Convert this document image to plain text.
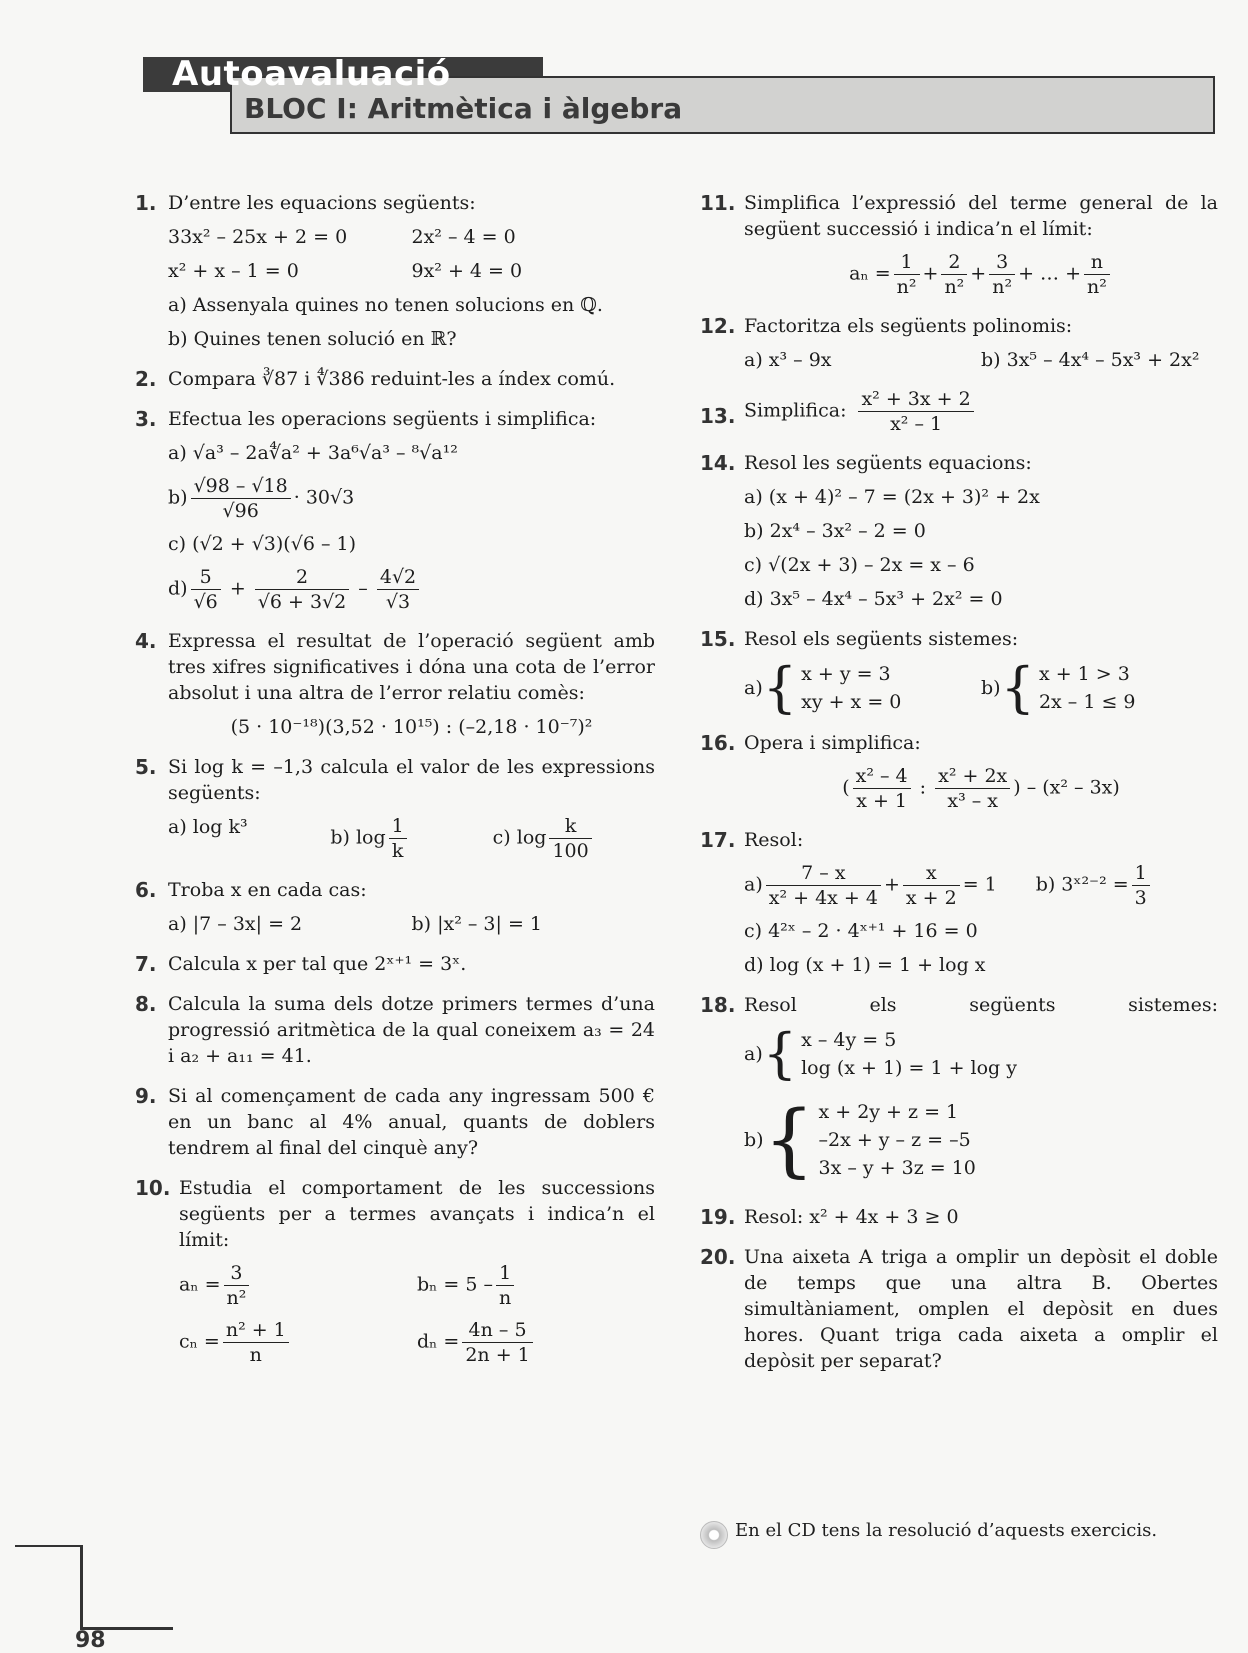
Autoavaluació
BLOC I: Aritmètica i àlgebra
1. D’entre les equacions següents:
33x² – 25x + 2 = 0	2x² – 4 = 0
x² + x – 1 = 0	9x² + 4 = 0
a) Assenyala quines no tenen solucions en ℚ.
b) Quines tenen solució en ℝ?
2. Compara ∛87 i ∜386 reduint-les a índex comú.
3. Efectua les operacions següents i simplifica:
a) √a³ – 2a∜a² + 3a⁶√a³ – ⁸√a¹²
$b) \frac{√98 - √18}{√96} \cdot 30√3$
c) (√2 + √3)(√6 – 1)
$d) \frac{5}{√6} + \frac{2}{√6 + 3√2} - \frac{4√2}{√3}$
4. Expressa el resultat de l’operació següent amb tres xifres significatives i dóna una cota de l’error absolut i una altra de l’error relatiu comès:
(5 · 10⁻¹⁸)(3,52 · 10¹⁵) : (–2,18 · 10⁻⁷)²
5. Si log k = –1,3 calcula el valor de les expressions següents:
a) log k³	b) $\log \frac{1}{k}$	c) $\log \frac{k}{100}$
6. Troba x en cada cas:
a) |7 – 3x| = 2	b) |x² – 3| = 1
7. Calcula x per tal que 2ˣ⁺¹ = 3ˣ.
8. Calcula la suma dels dotze primers termes d’una progressió aritmètica de la qual coneixem a₃ = 24 i a₂ + a₁₁ = 41.
9. Si al començament de cada any ingressam 500 € en un banc al 4% anual, quants de doblers tendrem al final del cinquè any?
10. Estudia el comportament de les successions següents per a termes avançats i indica’n el límit:
$a_n = \frac{3}{\text{n²}}$	$b_n = 5 - \frac{1}{n}$
$c_n = \frac{\text{n² + 1}}{n}$	$d_n = \frac{4n - 5}{2n + 1}$
11. Simplifica l’expressió del terme general de la següent successió i indica’n el límit:
$a_n = \frac{1}{\text{n²}} + \frac{2}{\text{n²}} + \frac{3}{\text{n²}}$ + … + $\frac{n}{\text{n²}}$
12. Factoritza els següents polinomis:
a) x³ – 9x	b) 3x⁵ – 4x⁴ – 5x³ + 2x²
13. Simplifica: $\frac{\text{x² + 3x + 2}}{\text{x² – 1}}$
14. Resol les següents equacions:
a) (x + 4)² – 7 = (2x + 3)² + 2x
b) 2x⁴ – 3x² – 2 = 0
c) √(2x + 3) – 2x = x – 6
d) 3x⁵ – 4x⁴ – 5x³ + 2x² = 0
15. Resol els següents sistemes:
a) { x + y = 3
xy + x = 0
b) { x + 1 > 3
2x – 1 ≤ 9
16. Opera i simplifica:
( $\frac{\text{x² – 4}}{x + 1}$ : $\frac{\text{x² + 2x}}{\text{x³ – x}}$ ) – (x² – 3x)
17. Resol:
$a) \frac{7 - x}{\text{x² + 4x + 4}} + \frac{x}{x + 2} = 1$	b) 3ˣ²⁻² = $\frac{1}{3}$
c) 4²ˣ – 2 · 4ˣ⁺¹ + 16 = 0
d) log (x + 1) = 1 + log x
18. Resol els següents sistemes: a) { x – 4y = 5
log (x + 1) = 1 + log y
b) { x + 2y + z = 1
–2x + y – z = –5
3x – y + 3z = 10
19. Resol: x² + 4x + 3 ≥ 0
20. Una aixeta A triga a omplir un depòsit el doble de temps que una altra B. Obertes simultàniament, omplen el depòsit en dues hores. Quant triga cada aixeta a omplir el depòsit per separat?
En el CD tens la resolució d’aquests exercicis.
98
